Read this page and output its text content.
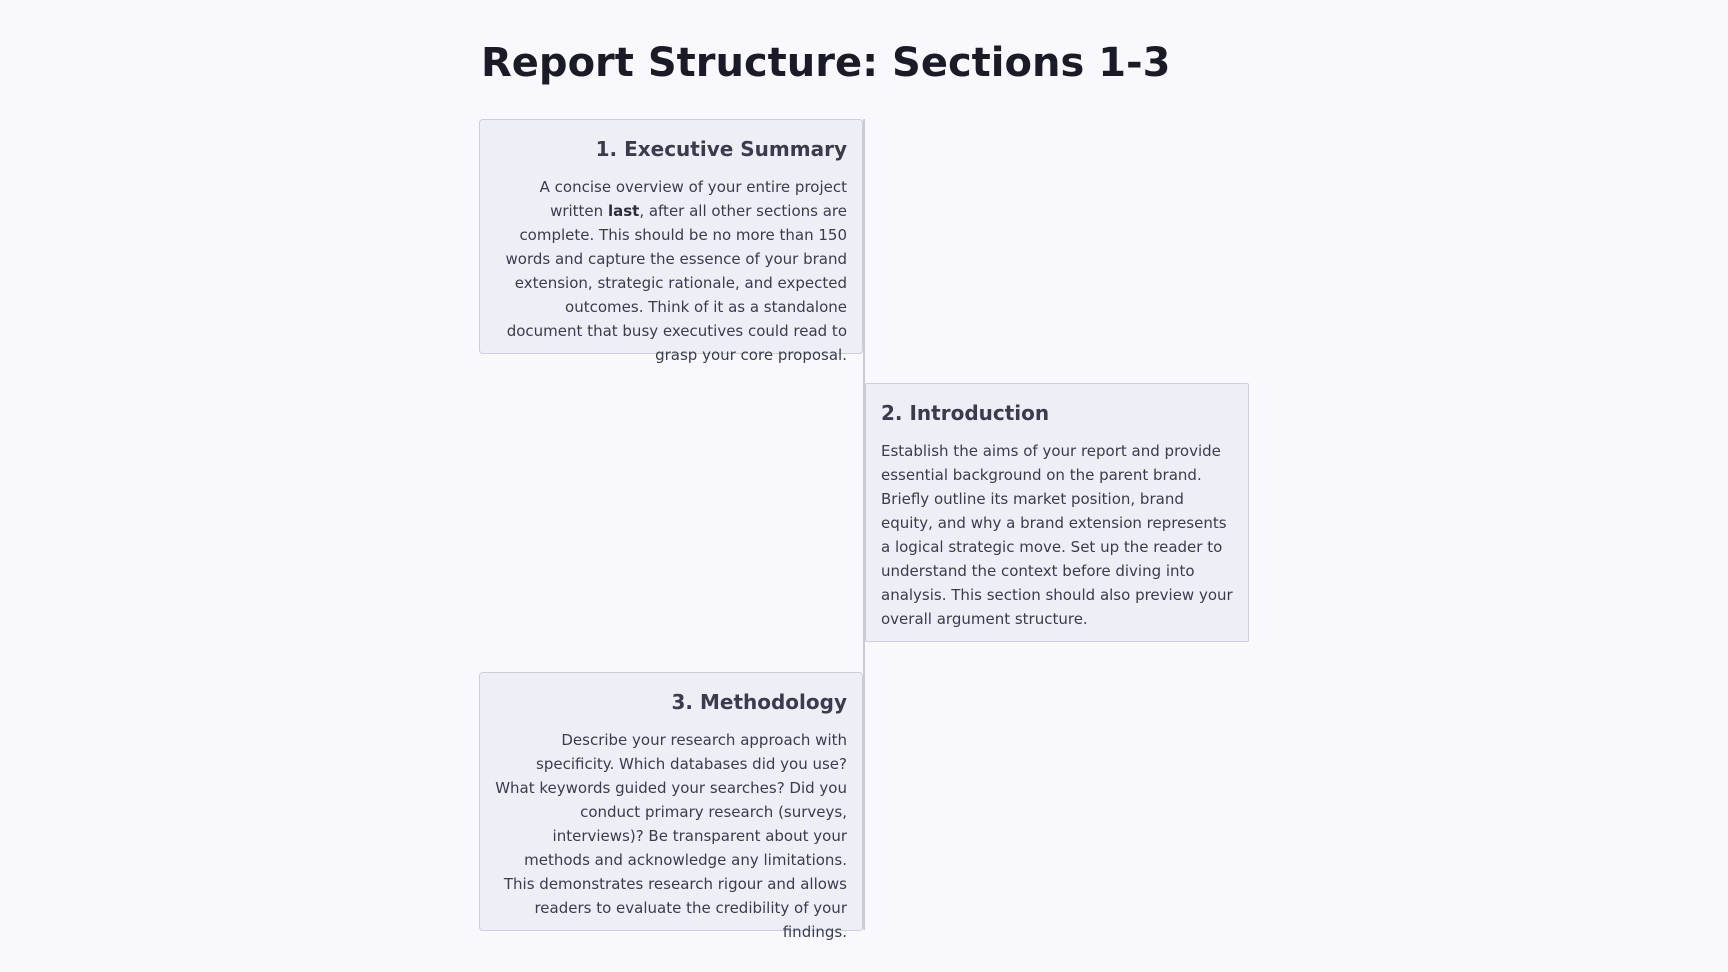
Report Structure: Sections 1-3
1. Executive Summary

A concise overview of your entire project written last, after all other sections are complete. This should be no more than 150 words and capture the essence of your brand extension, strategic rationale, and expected outcomes. Think of it as a standalone document that busy executives could read to grasp your core proposal.

2. Introduction

Establish the aims of your report and provide essential background on the parent brand. Briefly outline its market position, brand equity, and why a brand extension represents a logical strategic move. Set up the reader to understand the context before diving into analysis. This section should also preview your overall argument structure.

3. Methodology

Describe your research approach with specificity. Which databases did you use? What keywords guided your searches? Did you conduct primary research (surveys, interviews)? Be transparent about your methods and acknowledge any limitations. This demonstrates research rigour and allows readers to evaluate the credibility of your findings.
